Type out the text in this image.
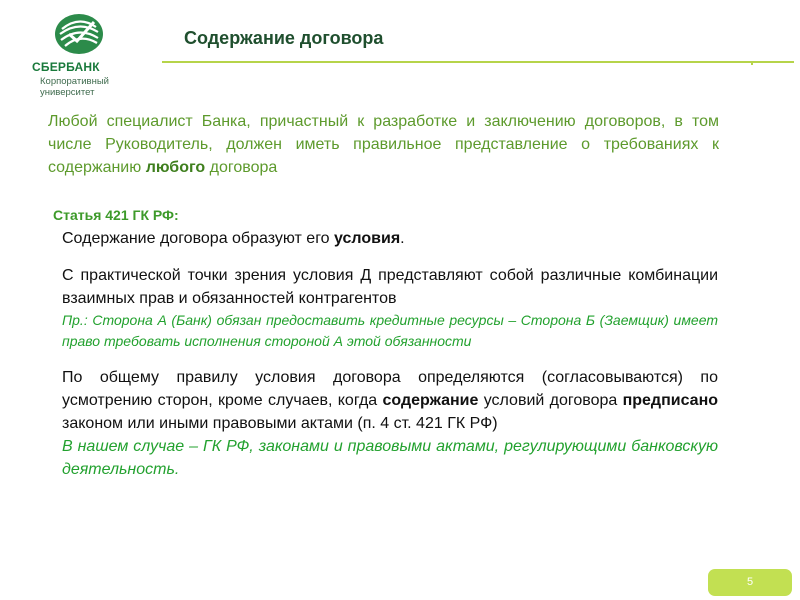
СБЕРБАНК
Корпоративный
университет
Содержание договора
Любой специалист Банка, причастный к разработке и заключению договоров, в том числе Руководитель, должен иметь правильное представление о требованиях к содержанию любого договора
Статья 421 ГК РФ:

Содержание договора образуют его условия.

С практической точки зрения условия Д представляют собой различные комбинации взаимных прав и обязанностей контрагентов

Пр.: Сторона А (Банк) обязан предоставить кредитные ресурсы – Сторона Б (Заемщик) имеет право требовать исполнения стороной А этой обязанности

По общему правилу условия договора определяются (согласовываются) по усмотрению сторон, кроме случаев, когда содержание условий договора предписано законом или иными правовыми актами (п. 4 ст. 421 ГК РФ)

В нашем случае – ГК РФ, законами и правовыми актами, регулирующими банковскую деятельность.

5
